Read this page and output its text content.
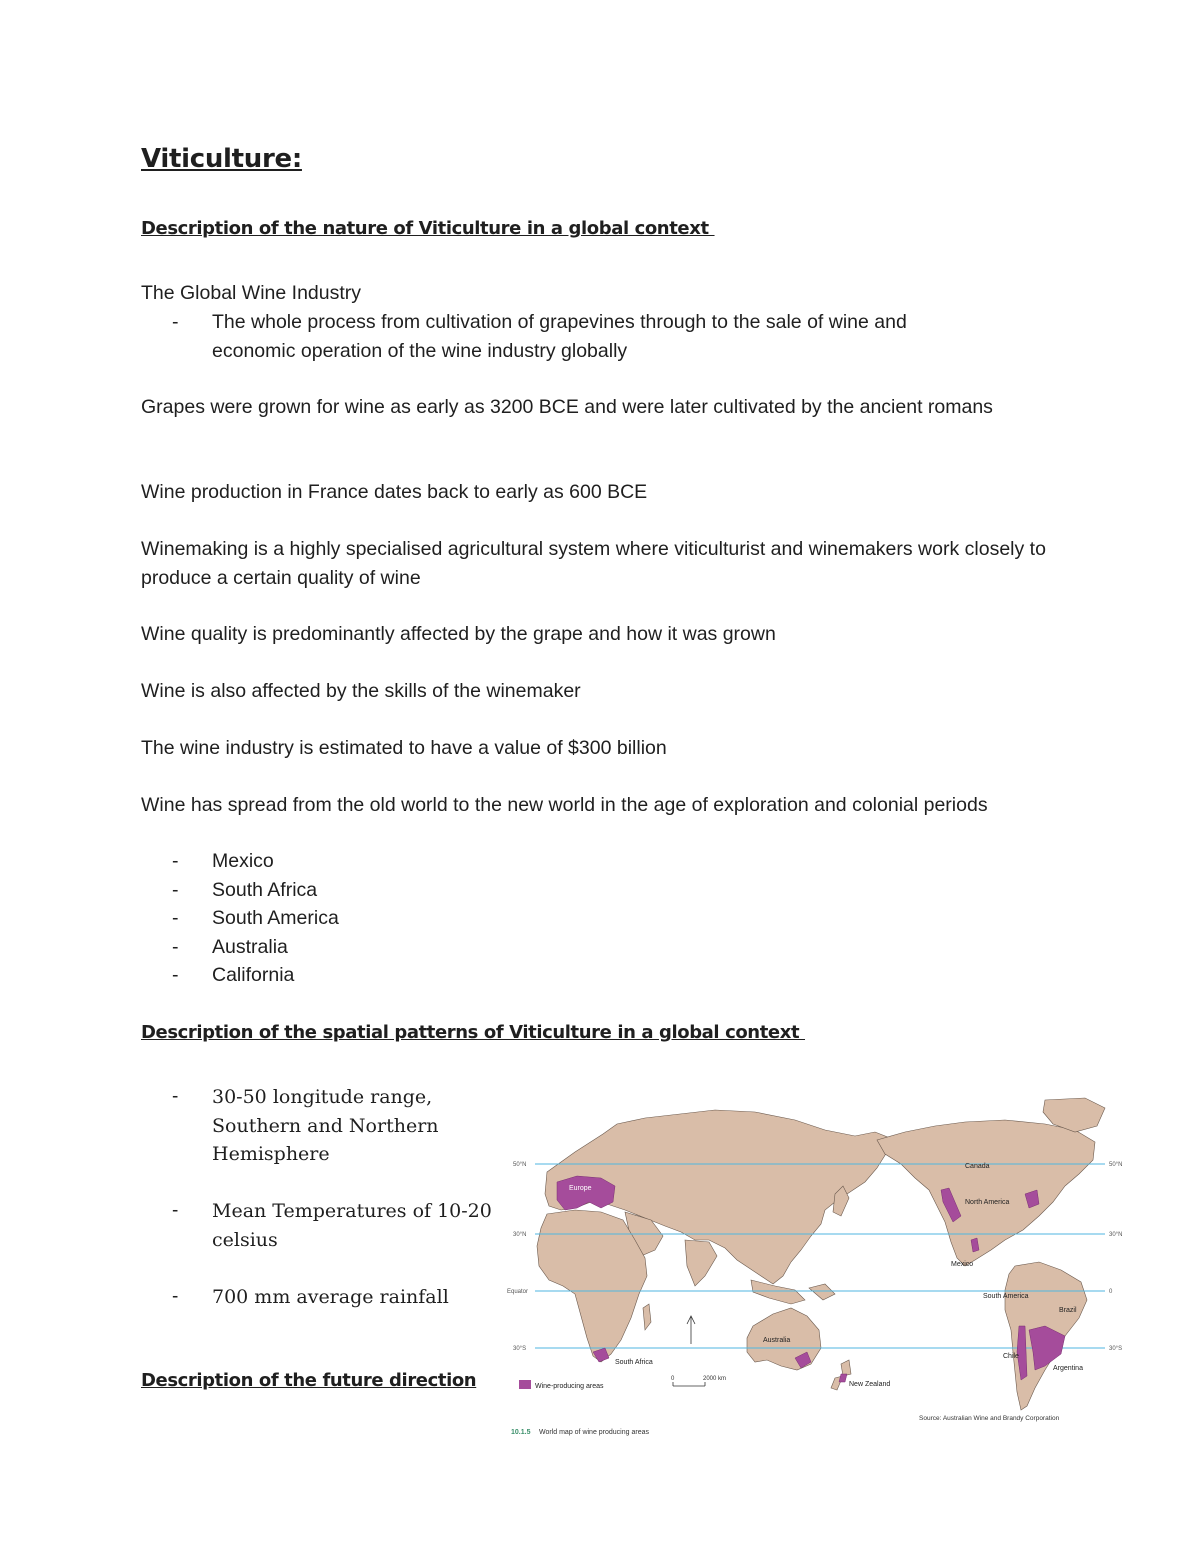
Viticulture:
Description of the nature of Viticulture in a global context

The Global Wine Industry

- The whole process from cultivation of grapevines through to the sale of wine and economic operation of the wine industry globally

Grapes were grown for wine as early as 3200 BCE and were later cultivated by the ancient romans

Wine production in France dates back to early as 600 BCE

Winemaking is a highly specialised agricultural system where viticulturist and winemakers work closely to produce a certain quality of wine

Wine quality is predominantly affected by the grape and how it was grown

Wine is also affected by the skills of the winemaker

The wine industry is estimated to have a value of $300 billion

Wine has spread from the old world to the new world in the age of exploration and colonial periods

- Mexico
- South Africa
- South America
- Australia
- California
Description of the spatial patterns of Viticulture in a global context
- 30-50 longitude range, Southern and Northern Hemisphere
- Mean Temperatures of 10-20 celsius
- 700 mm average rainfall
Description of the future direction
50°N
30°N
Equator
30°S
50°N
30°N
0
30°S
Europe
Canada
North America
Mexico
South America
Brazil
Chile
Argentina
Australia
South Africa
New Zealand
Wine-producing areas
0	2000 km
Source: Australian Wine and Brandy Corporation
10.1.5 World map of wine producing areas
